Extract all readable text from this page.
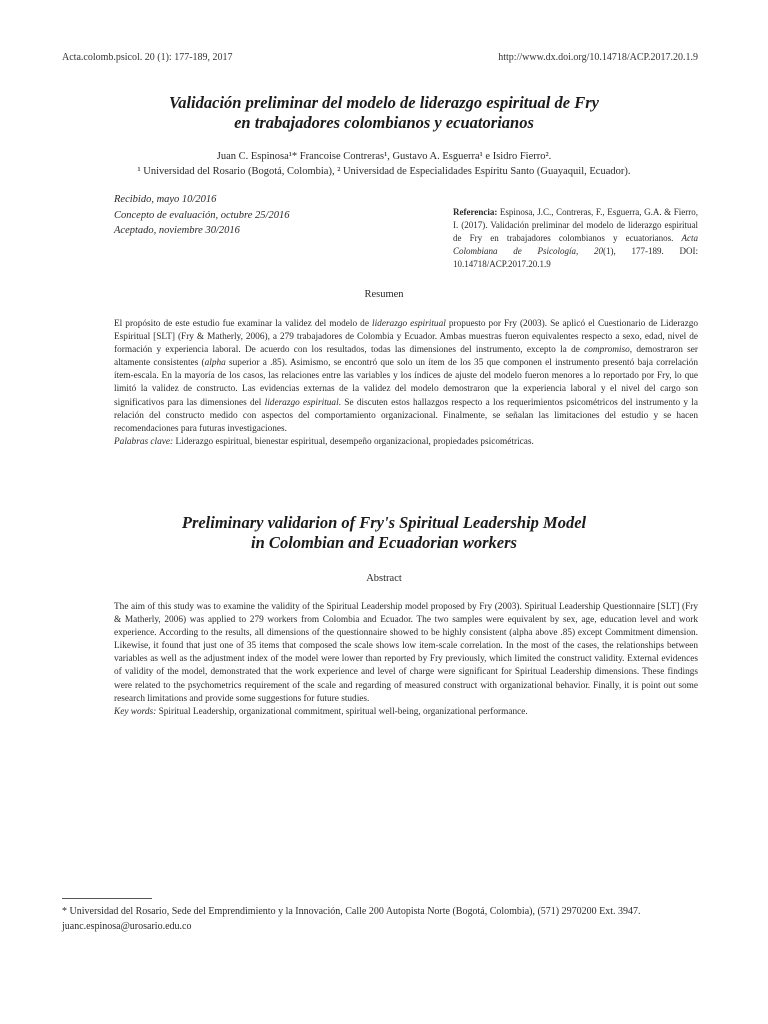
Acta.colomb.psicol. 20 (1): 177-189, 2017	http://www.dx.doi.org/10.14718/ACP.2017.20.1.9
Validación preliminar del modelo de liderazgo espiritual de Fry
en trabajadores colombianos y ecuatorianos
Juan C. Espinosa¹* Francoise Contreras¹, Gustavo A. Esguerra¹ e Isidro Fierro².
¹ Universidad del Rosario (Bogotá, Colombia), ² Universidad de Especialidades Espíritu Santo (Guayaquil, Ecuador).
Recibido, mayo 10/2016
Concepto de evaluación, octubre 25/2016
Aceptado, noviembre 30/2016
Referencia: Espinosa, J.C., Contreras, F., Esguerra, G.A. & Fierro, I. (2017). Validación preliminar del modelo de liderazgo espiritual de Fry en trabajadores colombianos y ecuatorianos. Acta Colombiana de Psicología, 20(1), 177-189. DOI: 10.14718/ACP.2017.20.1.9
Resumen
El propósito de este estudio fue examinar la validez del modelo de liderazgo espiritual propuesto por Fry (2003). Se aplicó el Cuestionario de Liderazgo Espiritual [SLT] (Fry & Matherly, 2006), a 279 trabajadores de Colombia y Ecuador. Ambas muestras fueron equivalentes respecto a sexo, edad, nivel de formación y experiencia laboral. De acuerdo con los resultados, todas las dimensiones del instrumento, excepto la de compromiso, demostraron ser altamente consistentes (alpha superior a .85). Asimismo, se encontró que solo un ítem de los 35 que componen el instrumento presentó baja correlación ítem-escala. En la mayoría de los casos, las relaciones entre las variables y los índices de ajuste del modelo fueron menores a lo reportado por Fry, lo que limitó la validez de constructo. Las evidencias externas de la validez del modelo demostraron que la experiencia laboral y el nivel del cargo son significativos para las dimensiones del liderazgo espiritual. Se discuten estos hallazgos respecto a los requerimientos psicométricos del instrumento y la relación del constructo medido con aspectos del comportamiento organizacional. Finalmente, se señalan las limitaciones del estudio y se hacen recomendaciones para futuras investigaciones.
Palabras clave: Liderazgo espiritual, bienestar espiritual, desempeño organizacional, propiedades psicométricas.
Preliminary validarion of Fry's Spiritual Leadership Model
in Colombian and Ecuadorian workers
Abstract
The aim of this study was to examine the validity of the Spiritual Leadership model proposed by Fry (2003). Spiritual Leadership Questionnaire [SLT] (Fry & Matherly, 2006) was applied to 279 workers from Colombia and Ecuador. The two samples were equivalent by sex, age, education level and work experience. According to the results, all dimensions of the questionnaire showed to be highly consistent (alpha above .85) except Commitment dimension. Likewise, it found that just one of 35 items that composed the scale shows low item-scale correlation. In the most of the cases, the relationships between variables as well as the adjustment index of the model were lower than reported by Fry previously, which limited the construct validity. External evidences of validity of the model, demonstrated that the work experience and level of charge were significant for Spiritual Leadership dimensions. These findings were related to the psychometrics requirement of the scale and regarding of measured construct with organizational behavior. Finally, it is point out some research limitations and provide some suggestions for future studies.
Key words: Spiritual Leadership, organizational commitment, spiritual well-being, organizational performance.
* Universidad del Rosario, Sede del Emprendimiento y la Innovación, Calle 200 Autopista Norte (Bogotá, Colombia), (571) 2970200 Ext. 3947. juanc.espinosa@urosario.edu.co
